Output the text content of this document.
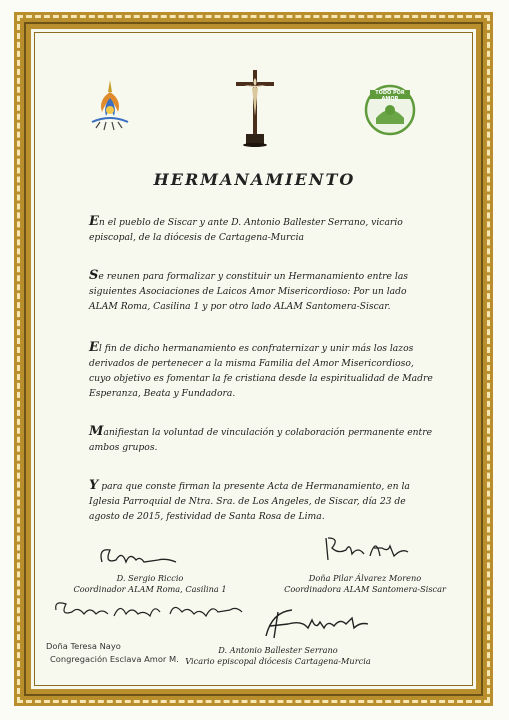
TODO POR AMOR
HERMANAMIENTO

En el pueblo de Siscar y ante D. Antonio Ballester Serrano, vicario episcopal, de la diócesis de Cartagena-Murcia

Se reunen para formalizar y constituir un Hermanamiento entre las siguientes Asociaciones de Laicos Amor Misericordioso: Por un lado ALAM Roma, Casilina 1 y por otro lado ALAM Santomera-Siscar.

El fin de dicho hermanamiento es confraternizar y unir más los lazos derivados de pertenecer a la misma Familia del Amor Misericordioso, cuyo objetivo es fomentar la fe cristiana desde la espiritualidad de Madre Esperanza, Beata y Fundadora.

Manifiestan la voluntad de vinculación y colaboración permanente entre ambos grupos.

Y para que conste firman la presente Acta de Hermanamiento, en la Iglesia Parroquial de Ntra. Sra. de Los Angeles, de Siscar, día 23 de agosto de 2015, festividad de Santa Rosa de Lima.

D. Sergio Riccio
Coordinador ALAM Roma, Casilina 1
Doña Pilar Álvarez Moreno
Coordinadora ALAM Santomera-Siscar
Doña Teresa Nayo
Congregación Esclava Amor M.
D. Antonio Ballester Serrano
Vicario episcopal diócesis Cartagena-Murcia
